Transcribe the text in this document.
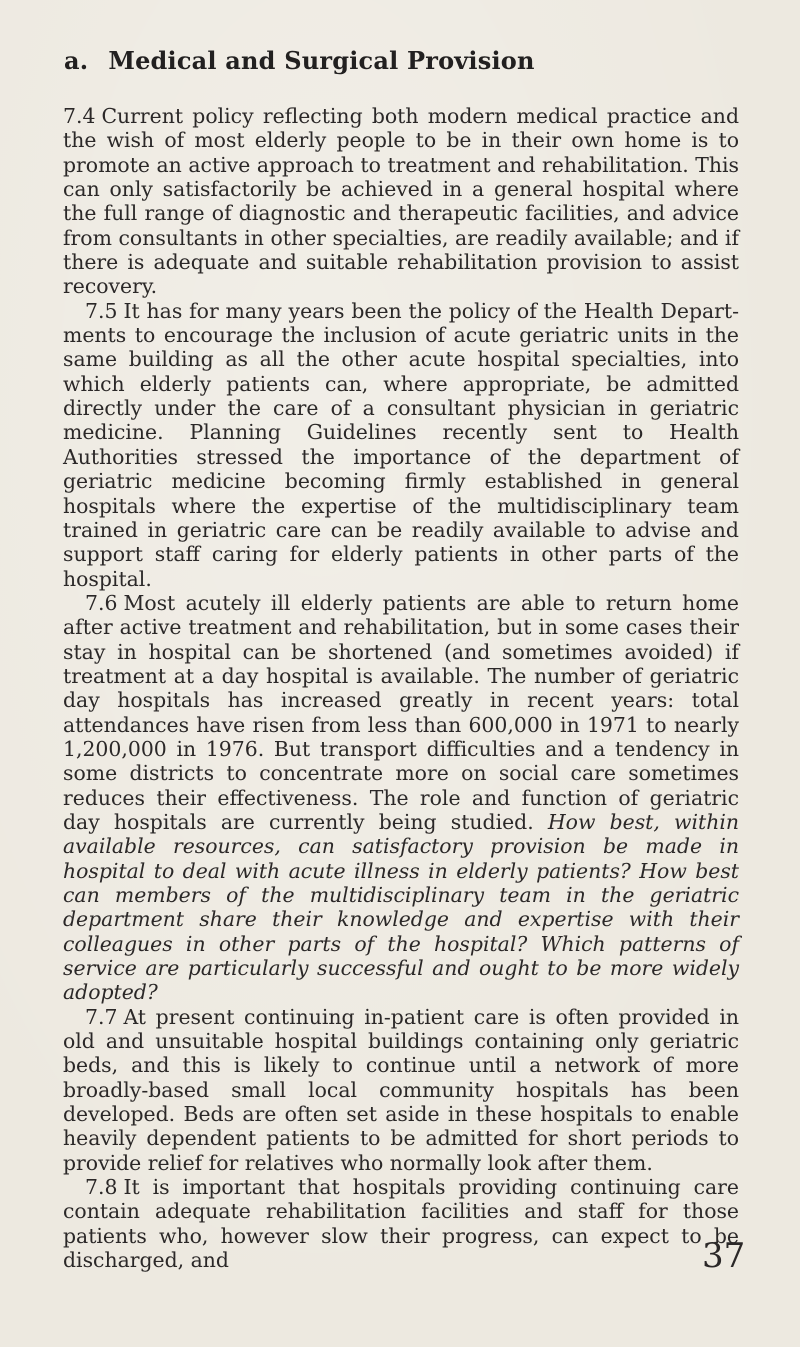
a. Medical and Surgical Provision

7.4 Current policy reflecting both modern medical practice and the wish of most elderly people to be in their own home is to promote an active approach to treatment and rehabilitation. This can only satisfactorily be achieved in a general hospital where the full range of diagnostic and therapeutic facilities, and advice from consultants in other specialties, are readily available; and if there is adequate and suitable rehabilitation provision to assist recovery.

7.5 It has for many years been the policy of the Health Depart-ments to encourage the inclusion of acute geriatric units in the same building as all the other acute hospital specialties, into which elderly patients can, where appropriate, be admitted directly under the care of a consultant physician in geriatric medicine. Planning Guidelines recently sent to Health Authorities stressed the importance of the department of geriatric medicine becoming firmly established in general hospitals where the expertise of the multidisciplinary team trained in geriatric care can be readily available to advise and support staff caring for elderly patients in other parts of the hospital.

7.6 Most acutely ill elderly patients are able to return home after active treatment and rehabilitation, but in some cases their stay in hospital can be shortened (and sometimes avoided) if treatment at a day hospital is available. The number of geriatric day hospitals has increased greatly in recent years: total attendances have risen from less than 600,000 in 1971 to nearly 1,200,000 in 1976. But transport difficulties and a tendency in some districts to concentrate more on social care sometimes reduces their effectiveness. The role and function of geriatric day hospitals are currently being studied. How best, within available resources, can satisfactory provision be made in hospital to deal with acute illness in elderly patients? How best can members of the multidisciplinary team in the geriatric department share their knowledge and expertise with their colleagues in other parts of the hospital? Which patterns of service are particularly successful and ought to be more widely adopted?

7.7 At present continuing in-patient care is often provided in old and unsuitable hospital buildings containing only geriatric beds, and this is likely to continue until a network of more broadly-based small local community hospitals has been developed. Beds are often set aside in these hospitals to enable heavily dependent patients to be admitted for short periods to provide relief for relatives who normally look after them.

7.8 It is important that hospitals providing continuing care contain adequate rehabilitation facilities and staff for those patients who, however slow their progress, can expect to be discharged, and	37
